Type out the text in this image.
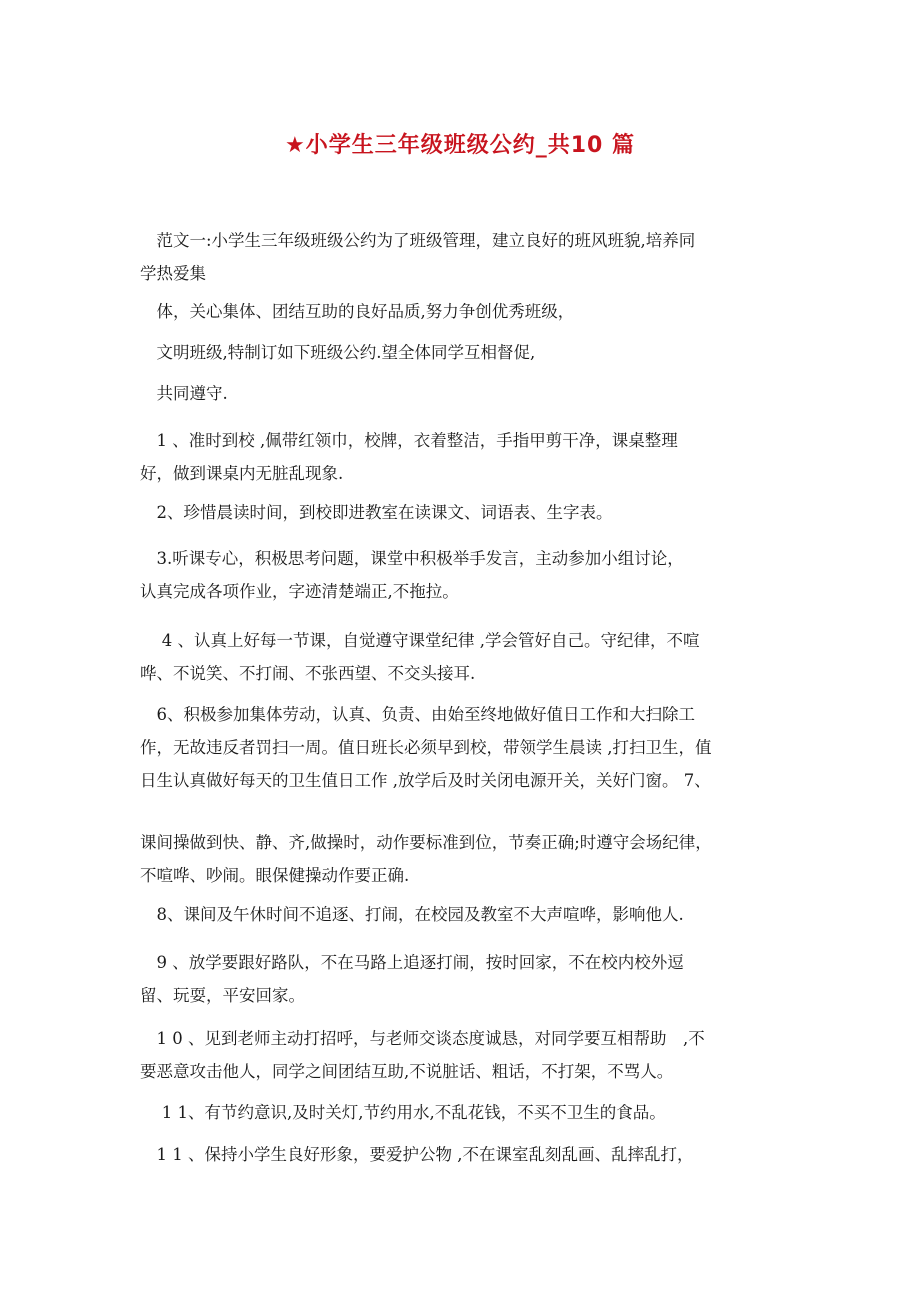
★小学生三年级班级公约_共10 篇
　范文一:小学生三年级班级公约为了班级管理，建立良好的班风班貌,培养同
学热爱集
　体，关心集体、团结互助的良好品质,努力争创优秀班级，
　文明班级,特制订如下班级公约.望全体同学互相督促,
　共同遵守.
　1 、准时到校 ,佩带红领巾，校牌，衣着整洁，手指甲剪干净，课桌整理
好，做到课桌内无脏乱现象.
　2、珍惜晨读时间，到校即进教室在读课文、词语表、生字表。
　3.听课专心，积极思考问题，课堂中积极举手发言，主动参加小组讨论，
认真完成各项作业，字迹清楚端正,不拖拉。
　 4 、认真上好每一节课，自觉遵守课堂纪律 ,学会管好自己。守纪律，不喧
哗、不说笑、不打闹、不张西望、不交头接耳.
　6、积极参加集体劳动，认真、负责、由始至终地做好值日工作和大扫除工
作，无故违反者罚扫一周。值日班长必须早到校，带领学生晨读 ,打扫卫生，值
日生认真做好每天的卫生值日工作 ,放学后及时关闭电源开关，关好门窗。 7、
课间操做到快、静、齐,做操时，动作要标准到位，节奏正确;时遵守会场纪律，
不喧哗、吵闹。眼保健操动作要正确.
　8、课间及午休时间不追逐、打闹，在校园及教室不大声喧哗，影响他人.
　9 、放学要跟好路队，不在马路上追逐打闹，按时回家，不在校内校外逗
留、玩耍，平安回家。
　1 0 、见到老师主动打招呼，与老师交谈态度诚恳，对同学要互相帮助　,不
要恶意攻击他人，同学之间团结互助,不说脏话、粗话，不打架，不骂人。
　 1 1、有节约意识,及时关灯,节约用水,不乱花钱，不买不卫生的食品。
　1 1 、保持小学生良好形象，要爱护公物 ,不在课室乱刻乱画、乱摔乱打，
